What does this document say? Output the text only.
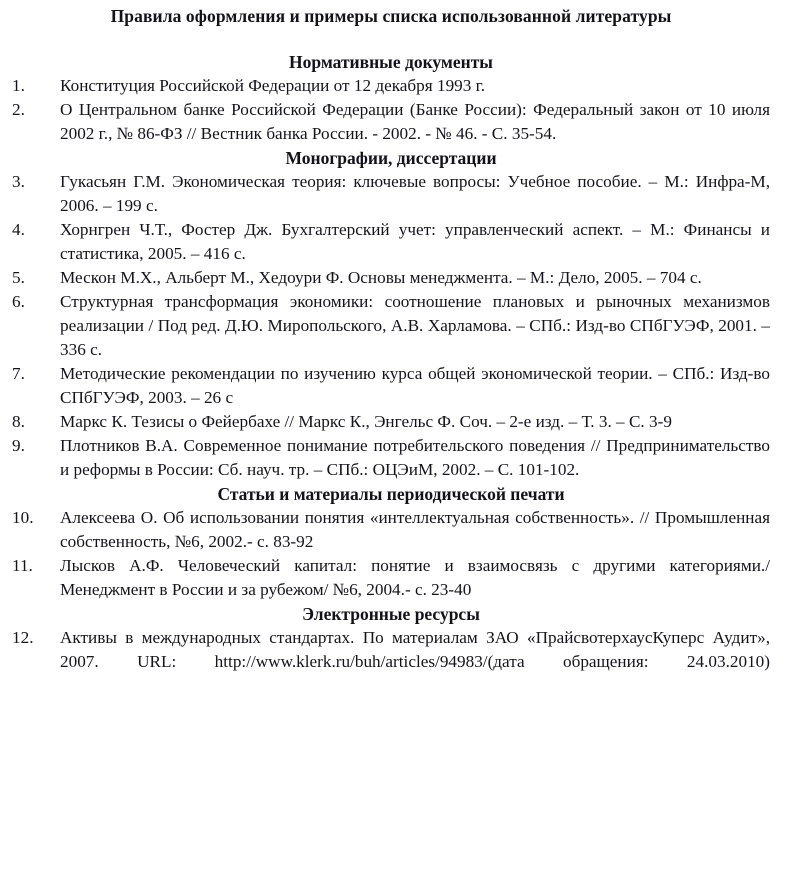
Правила оформления и примеры списка использованной литературы
Нормативные документы
1.	Конституция Российской Федерации от 12 декабря 1993 г.
2.	О Центральном банке Российской Федерации (Банке России): Федеральный закон от 10 июля 2002 г., № 86-ФЗ // Вестник банка России. - 2002. - № 46. - С. 35-54.
Монографии, диссертации
3.	Гукасьян Г.М. Экономическая теория: ключевые вопросы: Учебное пособие. – М.: Инфра-М, 2006. – 199 с.
4.	Хорнгрен Ч.Т., Фостер Дж. Бухгалтерский учет: управленческий аспект. – М.: Финансы и статистика, 2005. – 416 с.
5.	Мескон М.Х., Альберт М., Хедоури Ф. Основы менеджмента. – М.: Дело, 2005. – 704 с.
6.	Структурная трансформация экономики: соотношение плановых и рыночных механизмов реализации / Под ред. Д.Ю. Миропольского, А.В. Харламова. – СПб.: Изд-во СПбГУЭФ, 2001. – 336 с.
7.	Методические рекомендации по изучению курса общей экономической теории. – СПб.: Изд-во СПбГУЭФ, 2003. – 26 с
8.	Маркс К. Тезисы о Фейербахе // Маркс К., Энгельс Ф. Соч. – 2-е изд. – Т. 3. – С. 3-9
9.	Плотников В.А. Современное понимание потребительского поведения // Предпринимательство и реформы в России: Сб. науч. тр. – СПб.: ОЦЭиМ, 2002. – С. 101-102.
Статьи и материалы периодической печати
10.	Алексеева О. Об использовании понятия «интеллектуальная собственность». // Промышленная собственность, №6, 2002.- с. 83-92
11.	Лысков А.Ф. Человеческий капитал: понятие и взаимосвязь с другими категориями./ Менеджмент в России и за рубежом/ №6, 2004.- с. 23-40
Электронные ресурсы
12.	Активы в международных стандартах. По материалам ЗАО «ПрайсвотерхаусКуперс Аудит», 2007. URL: http://www.klerk.ru/buh/articles/94983/(дата обращения: 24.03.2010)
